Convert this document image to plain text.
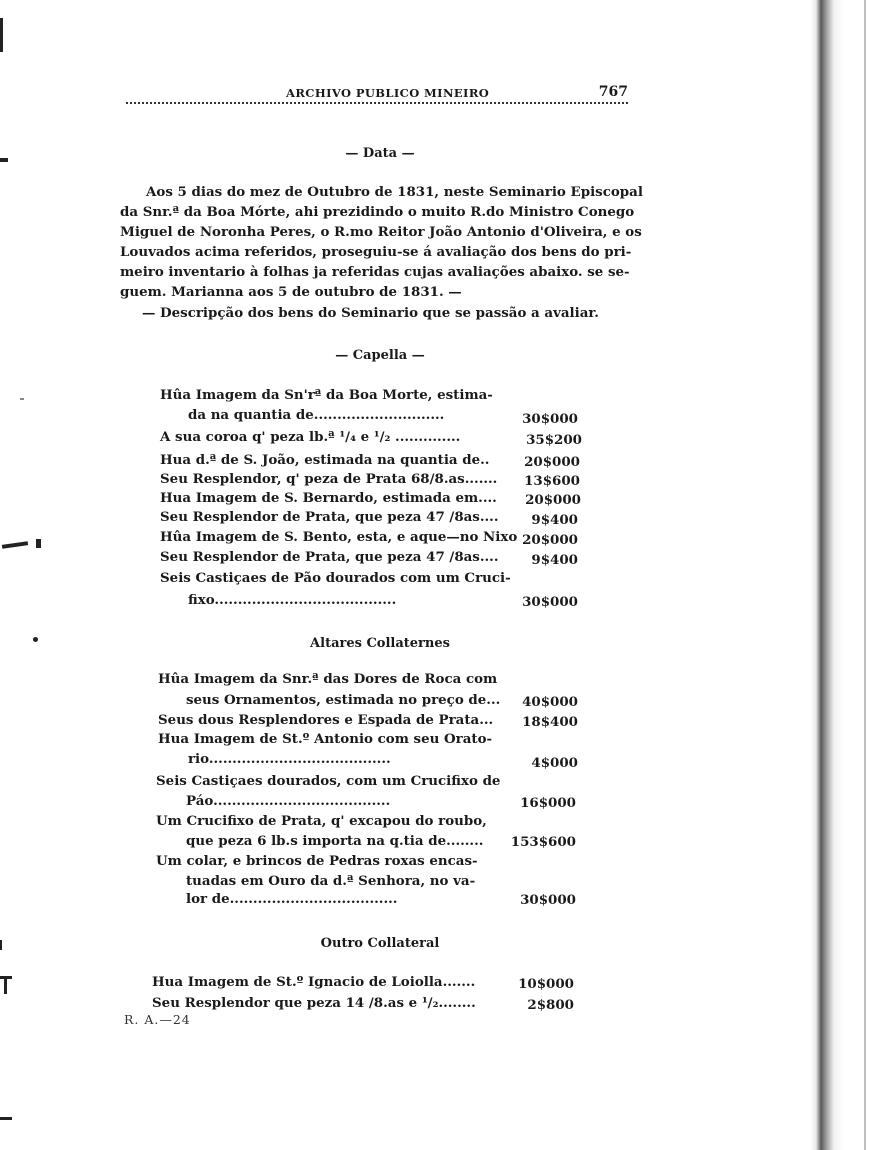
ARCHIVO PUBLICO MINEIRO	767
— Data —
Aos 5 dias do mez de Outubro de 1831, neste Seminario Episcopal
da Snr.ª da Boa Mórte, ahi prezidindo o muito R.do Ministro Conego
Miguel de Noronha Peres, o R.mo Reitor João Antonio d'Oliveira, e os
Louvados acima referidos, proseguiu-se á avaliação dos bens do pri-
meiro inventario à folhas ja referidas cujas avaliações abaixo. se se-
guem. Marianna aos 5 de outubro de 1831. —
— Descripção dos bens do Seminario que se passão a avaliar.
— Capella —
Hûa Imagem da Sn'rª da Boa Morte, estima-
da na quantia de............................	30$000
A sua coroa q' peza lb.ª ¹/₄ e ¹/₂ ..............	35$200
Hua d.ª de S. João, estimada na quantia de..	20$000
Seu Resplendor, q' peza de Prata 68/8.as.......	13$600
Hua Imagem de S. Bernardo, estimada em....	20$000
Seu Resplendor de Prata, que peza 47 /8as....	9$400
Hûa Imagem de S. Bento, esta, e aque—no Nixo 20$000
Seu Resplendor de Prata, que peza 47 /8as....	9$400
Seis Castiçaes de Pão dourados com um Cruci-
fixo.......................................	30$000
Altares Collaternes
Hûa Imagem da Snr.ª das Dores de Roca com
seus Ornamentos, estimada no preço de...	40$000
Seus dous Resplendores e Espada de Prata...	18$400
Hua Imagem de St.º Antonio com seu Orato-
rio.......................................	4$000
Seis Castiçaes dourados, com um Crucifixo de
Páo......................................	16$000
Um Crucifixo de Prata, q' excapou do roubo,
que peza 6 lb.s importa na q.tia de........	153$600
Um colar, e brincos de Pedras roxas encas-
tuadas em Ouro da d.ª Senhora, no va-
lor de....................................	30$000
Outro Collateral
Hua Imagem de St.º Ignacio de Loiolla.......	10$000
Seu Resplendor que peza 14 /8.as e ¹/₂........	2$800
R. A.—24
